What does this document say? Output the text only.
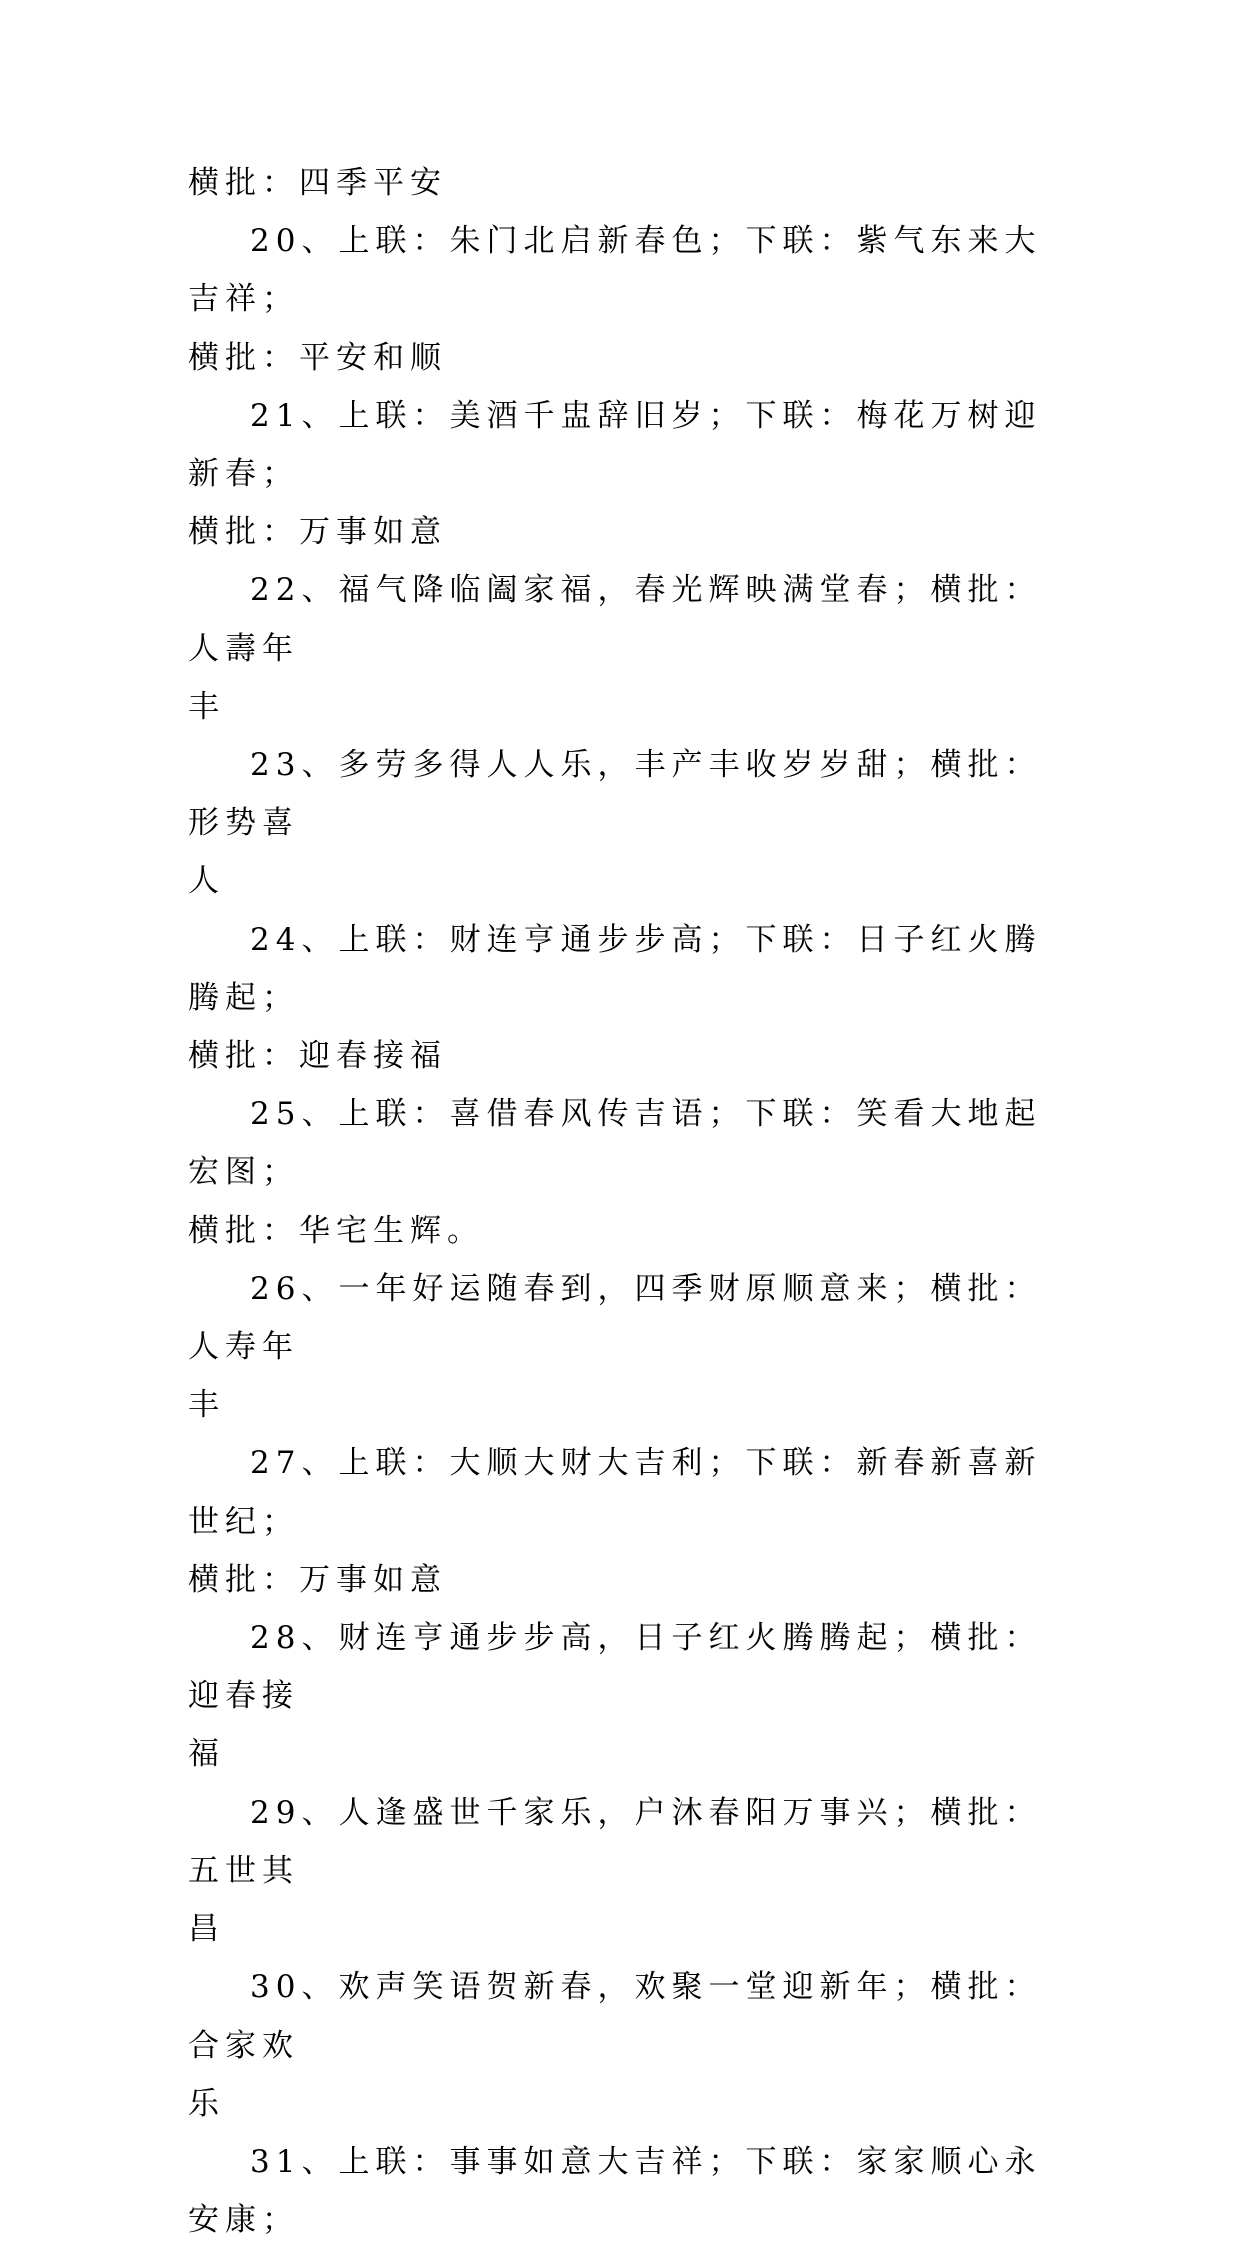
横批：四季平安

20、上联：朱门北启新春色；下联：紫气东来大吉祥；

横批：平安和顺

21、上联：美酒千盅辞旧岁；下联：梅花万树迎新春；

横批：万事如意

22、福气降临阖家福，春光辉映满堂春；横批：人壽年

丰

23、多劳多得人人乐，丰产丰收岁岁甜；横批：形势喜

人

24、上联：财连亨通步步高；下联：日子红火腾腾起；

横批：迎春接福

25、上联：喜借春风传吉语；下联：笑看大地起宏图；

横批：华宅生辉。

26、一年好运随春到，四季财原顺意来；横批：人寿年

丰

27、上联：大顺大财大吉利；下联：新春新喜新世纪；

横批：万事如意

28、财连亨通步步高，日子红火腾腾起；横批：迎春接

福

29、人逢盛世千家乐，户沐春阳万事兴；横批：五世其

昌

30、欢声笑语贺新春，欢聚一堂迎新年；横批：合家欢

乐

31、上联：事事如意大吉祥；下联：家家顺心永安康；
